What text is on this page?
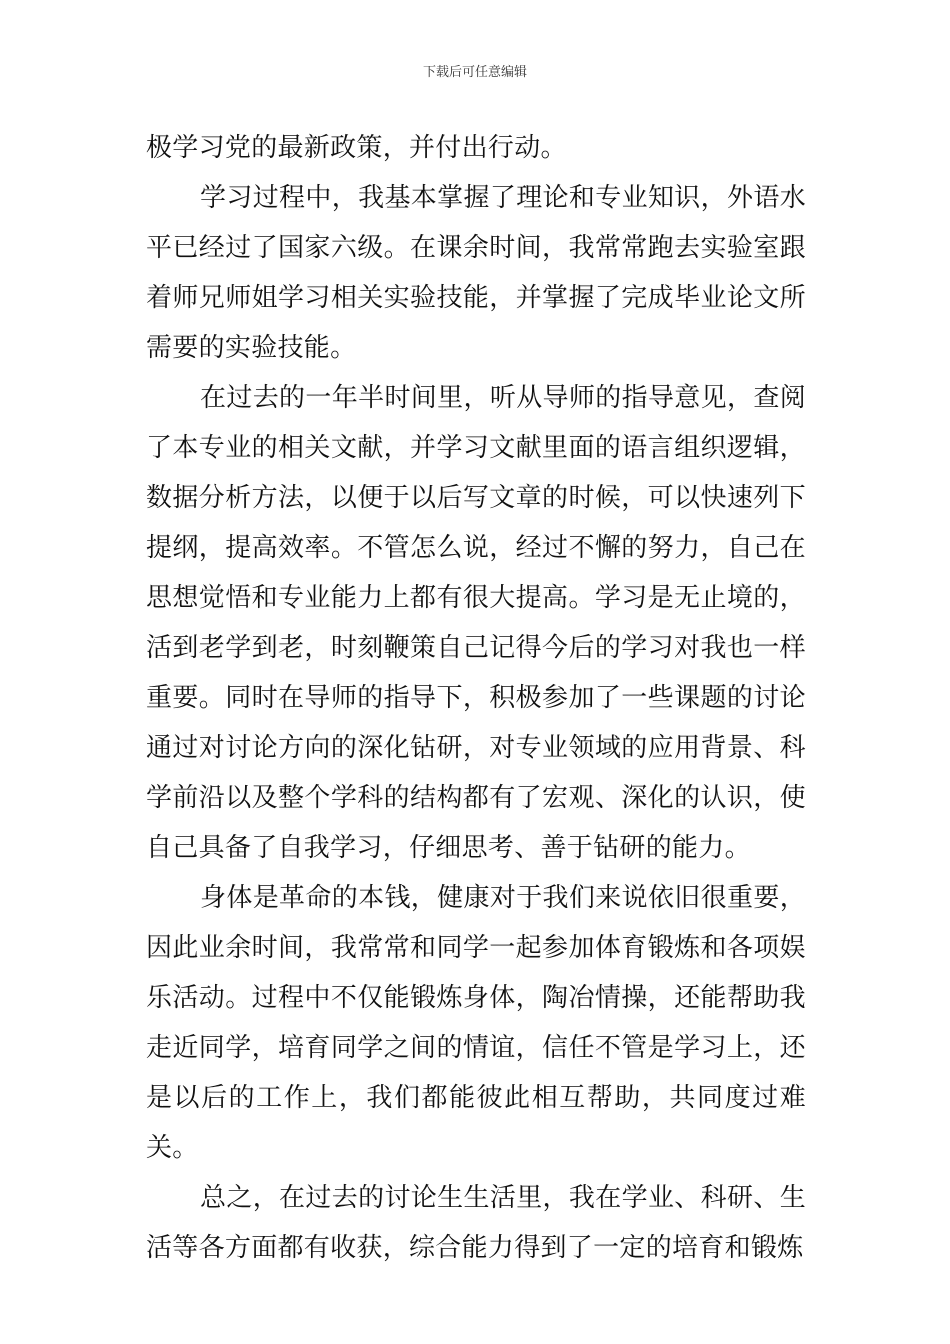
下载后可任意编辑

极学习党的最新政策，并付出行动。

学习过程中，我基本掌握了理论和专业知识，外语水平已经过了国家六级。在课余时间，我常常跑去实验室跟着师兄师姐学习相关实验技能，并掌握了完成毕业论文所需要的实验技能。

在过去的一年半时间里，听从导师的指导意见，查阅了本专业的相关文献，并学习文献里面的语言组织逻辑，数据分析方法，以便于以后写文章的时候，可以快速列下提纲，提高效率。不管怎么说，经过不懈的努力，自己在思想觉悟和专业能力上都有很大提高。学习是无止境的，活到老学到老，时刻鞭策自己记得今后的学习对我也一样重要。同时在导师的指导下，积极参加了一些课题的讨论通过对讨论方向的深化钻研，对专业领域的应用背景、科学前沿以及整个学科的结构都有了宏观、深化的认识，使自己具备了自我学习，仔细思考、善于钻研的能力。

身体是革命的本钱，健康对于我们来说依旧很重要，因此业余时间，我常常和同学一起参加体育锻炼和各项娱乐活动。过程中不仅能锻炼身体，陶冶情操，还能帮助我走近同学，培育同学之间的情谊，信任不管是学习上，还是以后的工作上，我们都能彼此相互帮助，共同度过难关。

总之，在过去的讨论生生活里，我在学业、科研、生活等各方面都有收获，综合能力得到了一定的培育和锻炼
